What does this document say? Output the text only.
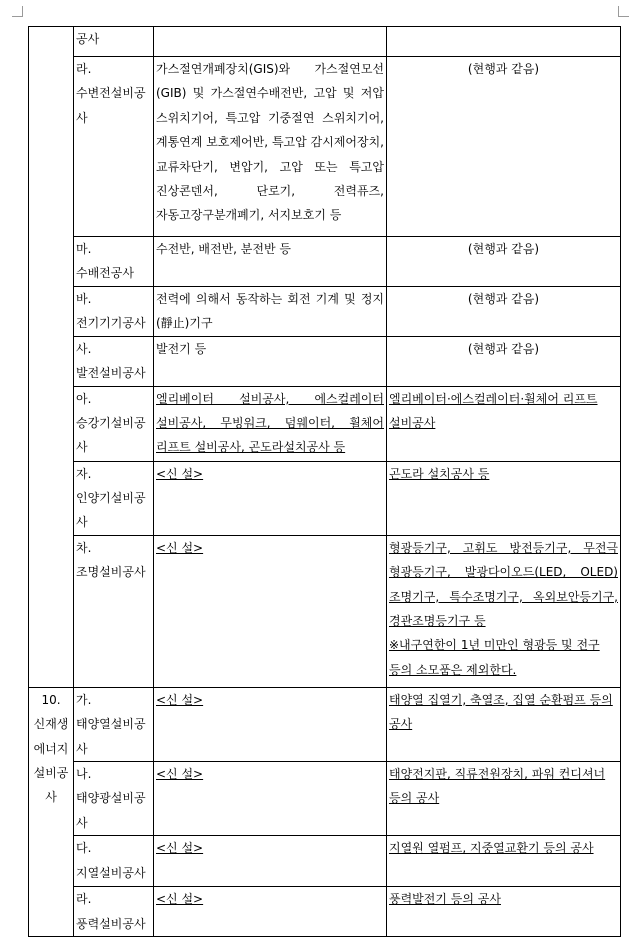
	공사		
	라. 수변전설비공사	가스절연개폐장치(GIS)와 가스절연모선(GIB) 및 가스절연수배전반, 고압 및 저압 스위치기어, 특고압 기중절연 스위치기어, 계통연계 보호제어반, 특고압 감시제어장치, 교류차단기, 변압기, 고압 또는 특고압 진상콘덴서, 단로기, 전력퓨즈, 자동고장구분개폐기, 서지보호기 등	(현행과 같음)
	마. 수배전공사	수전반, 배전반, 분전반 등	(현행과 같음)
	바. 전기기기공사	전력에 의해서 동작하는 회전 기계 및 정지(靜止)기구	(현행과 같음)
	사. 발전설비공사	발전기 등	(현행과 같음)
	아. 승강기설비공사	엘리베이터 설비공사, 에스컬레이터 설비공사, 무빙워크, 덤웨이터, 휠체어 리프트 설비공사, 곤도라설치공사 등	엘리베이터·에스컬레이터·휠체어 리프트 설비공사
	자. 인양기설비공사	<신 설>	곤도라 설치공사 등
	차. 조명설비공사	<신 설>	형광등기구, 고휘도 방전등기구, 무전극 형광등기구, 발광다이오드(LED, OLED) 조명기구, 특수조명기구, 옥외보안등기구, 경관조명등기구 등
※내구연한이 1년 미만인 형광등 및 전구 등의 소모품은 제외한다.

10. 신재생에너지설비공사	가. 태양열설비공사	<신 설>	태양열 집열기, 축열조, 집열 순환펌프 등의 공사
	나. 태양광설비공사	<신 설>	태양전지판, 직류전원장치, 파워 컨디셔너 등의 공사
	다. 지열설비공사	<신 설>	지열원 열펌프, 지중열교환기 등의 공사
	라. 풍력설비공사	<신 설>	풍력발전기 등의 공사
